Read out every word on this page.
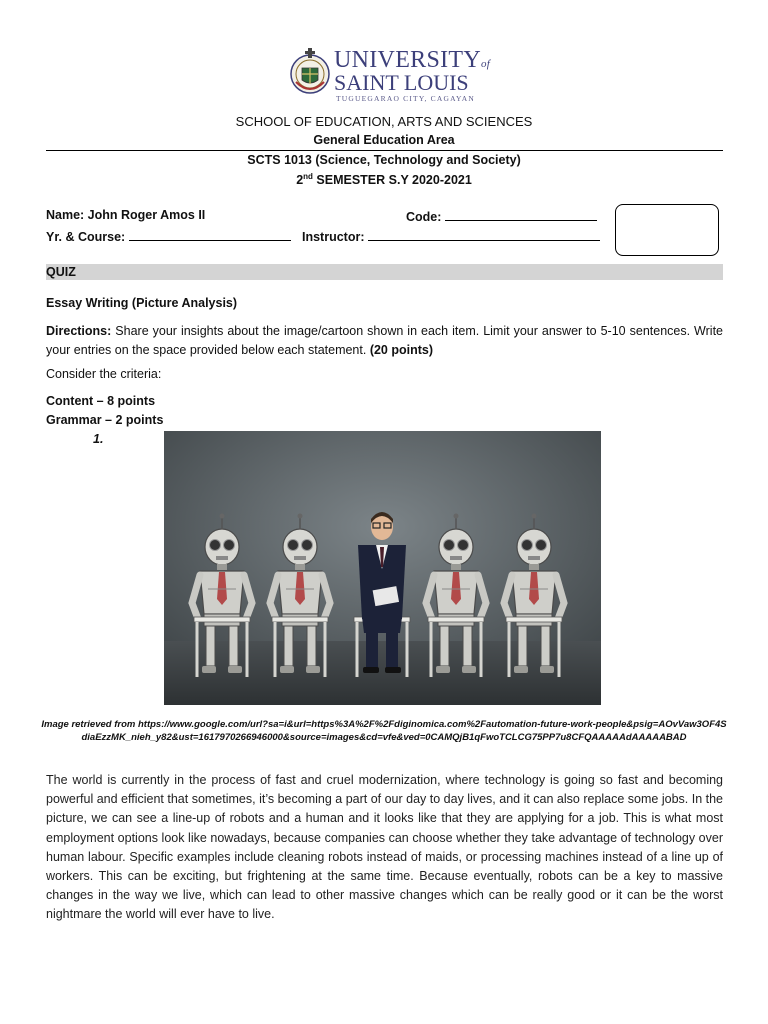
UNIVERSITYof
SAINT LOUIS
TUGUEGARAO CITY, CAGAYAN
SCHOOL OF EDUCATION, ARTS AND SCIENCES
General Education Area
SCTS 1013 (Science, Technology and Society)
2nd SEMESTER S.Y 2020-2021
Name: John Roger Amos II	Code:
Yr. & Course:	Instructor:
QUIZ
Essay Writing (Picture Analysis)
Directions: Share your insights about the image/cartoon shown in each item. Limit your answer to 5-10 sentences. Write your entries on the space provided below each statement. (20 points)
Consider the criteria:
Content – 8 points
Grammar – 2 points
1.
Image retrieved from https://www.google.com/url?sa=i&url=https%3A%2F%2Fdiginomica.com%2Fautomation-future-work-people&psig=AOvVaw3OF4SdiaEzzMK_nieh_y82&ust=1617970266946000&source=images&cd=vfe&ved=0CAMQjB1qFwoTCLCG75PP7u8CFQAAAAAdAAAAABAD
The world is currently in the process of fast and cruel modernization, where technology is going so fast and becoming powerful and efficient that sometimes, it’s becoming a part of our day to day lives, and it can also replace some jobs. In the picture, we can see a line-up of robots and a human and it looks like that they are applying for a job. This is what most employment options look like nowadays, because companies can choose whether they take advantage of technology over human labour. Specific examples include cleaning robots instead of maids, or processing machines instead of a line up of workers. This can be exciting, but frightening at the same time. Because eventually, robots can be a key to massive changes in the way we live, which can lead to other massive changes which can be really good or it can be the worst nightmare the world will ever have to live.
